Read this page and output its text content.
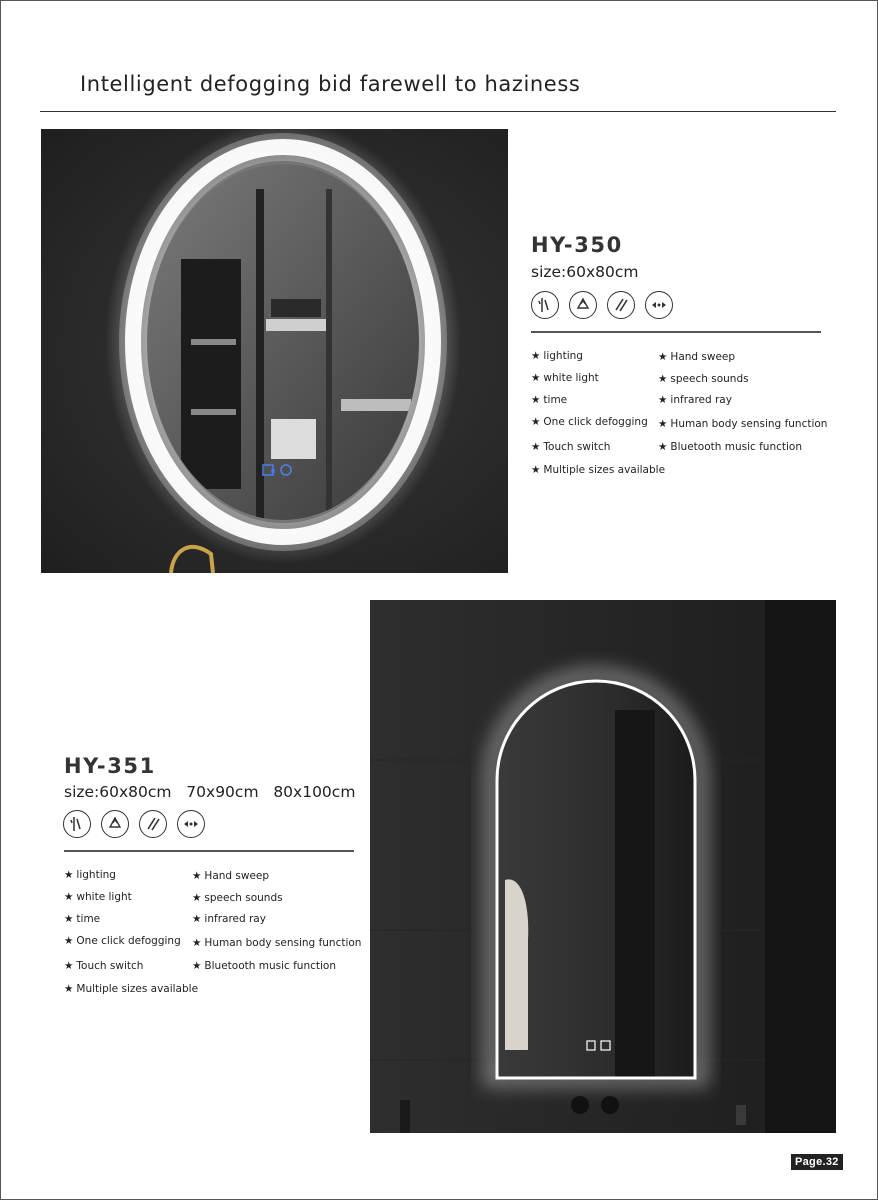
Intelligent defogging bid farewell to haziness
HY-350
size:60x80cm
★ lighting
★ white light
★ time
★ One click defogging
★ Touch switch
★ Multiple sizes available
★ Hand sweep
★ speech sounds
★ infrared ray
★ Human body sensing function
★ Bluetooth music function
HY-351
size:60x80cm   70x90cm   80x100cm
★ lighting
★ white light
★ time
★ One click defogging
★ Touch switch
★ Multiple sizes available
★ Hand sweep
★ speech sounds
★ infrared ray
★ Human body sensing function
★ Bluetooth music function
Page.32
